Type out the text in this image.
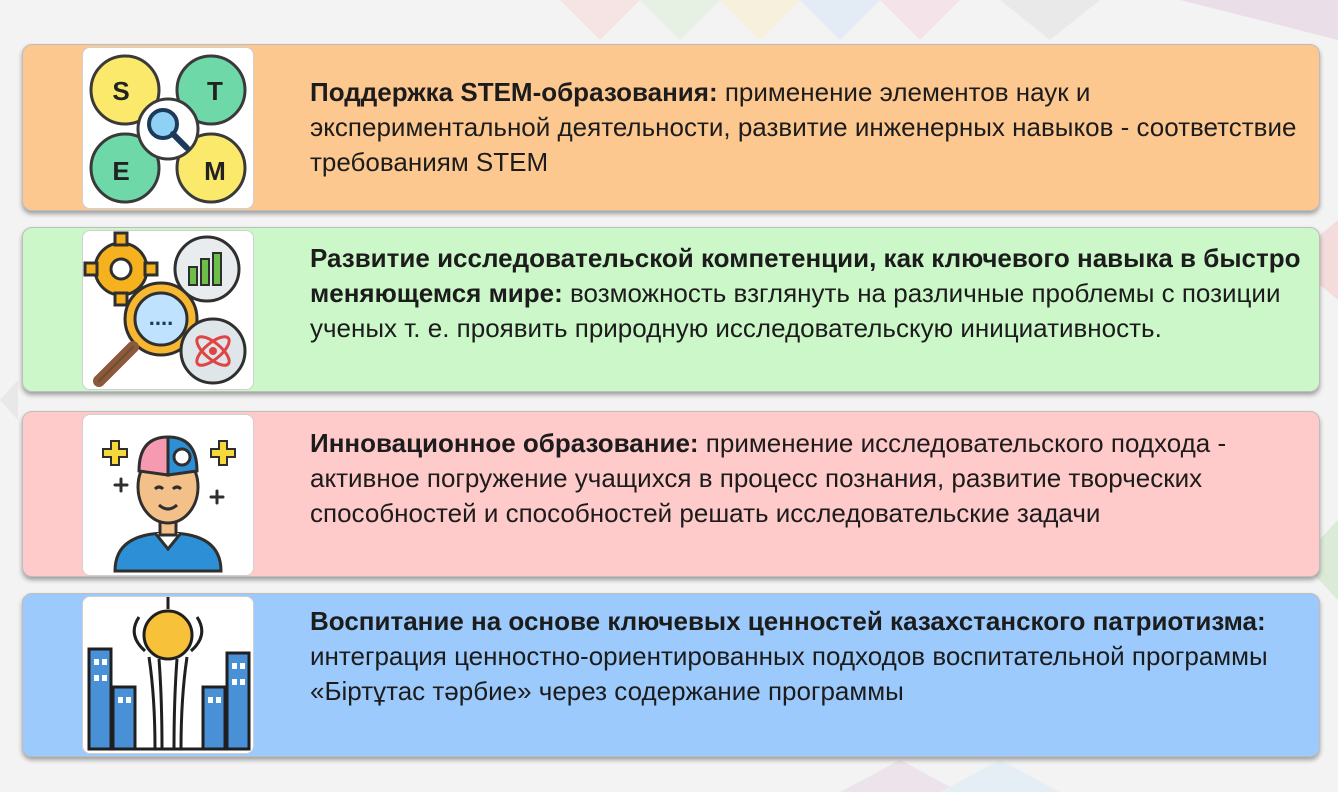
S	T
E	M
Поддержка STEM-образования: применение элементов наук и экспериментальной деятельности, развитие инженерных навыков - соответствие требованиям STEM
....
Развитие исследовательской компетенции, как ключевого навыка в быстро меняющемся мире: возможность взглянуть на различные проблемы с позиции ученых т. е. проявить природную исследовательскую инициативность.
Инновационное образование: применение исследовательского подхода - активное погружение учащихся в процесс познания, развитие творческих способностей и способностей решать исследовательские задачи
Воспитание на основе ключевых ценностей казахстанского патриотизма: интеграция ценностно-ориентированных подходов воспитательной программы «Біртұтас тәрбие» через содержание программы
